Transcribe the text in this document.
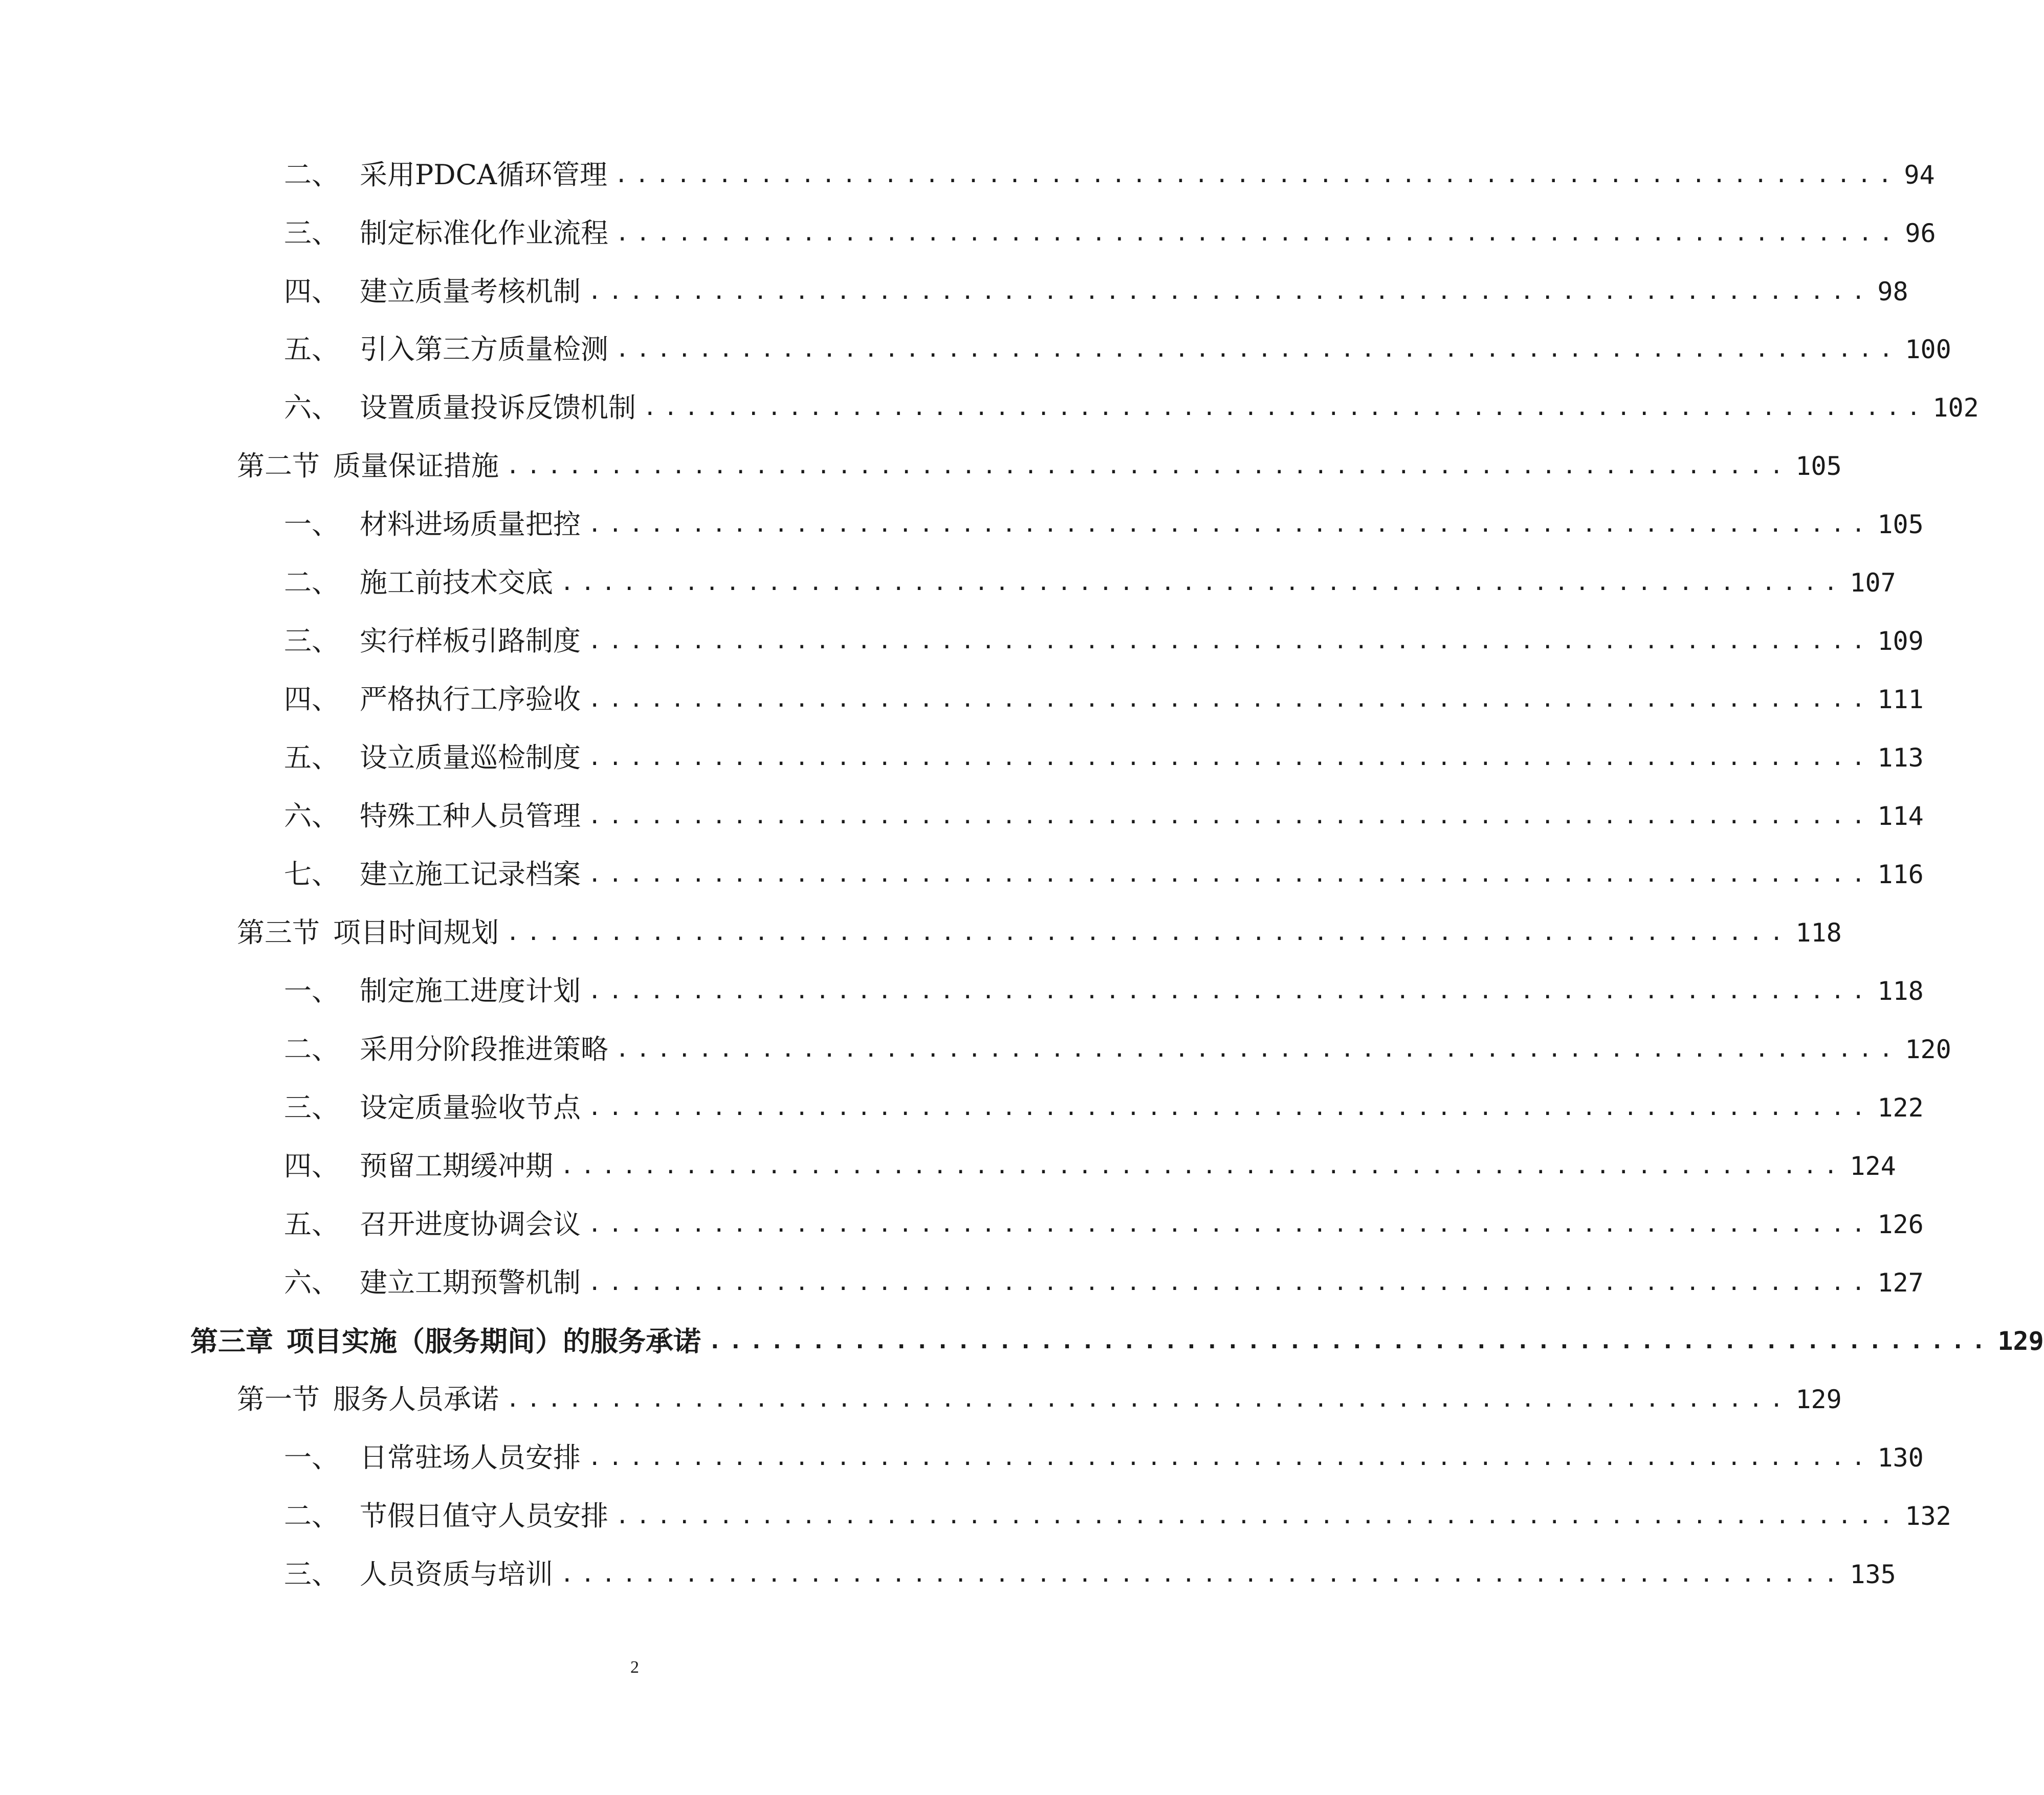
二、 采用PDCA循环管理 .............................................................. 94
三、 制定标准化作业流程 .............................................................. 96
四、 建立质量考核机制 .............................................................. 98
五、 引入第三方质量检测 .............................................................. 100
六、 设置质量投诉反馈机制 .............................................................. 102
第二节 质量保证措施 .............................................................. 105
一、 材料进场质量把控 .............................................................. 105
二、 施工前技术交底 .............................................................. 107
三、 实行样板引路制度 .............................................................. 109
四、 严格执行工序验收 .............................................................. 111
五、 设立质量巡检制度 .............................................................. 113
六、 特殊工种人员管理 .............................................................. 114
七、 建立施工记录档案 .............................................................. 116
第三节 项目时间规划 .............................................................. 118
一、 制定施工进度计划 .............................................................. 118
二、 采用分阶段推进策略 .............................................................. 120
三、 设定质量验收节点 .............................................................. 122
四、 预留工期缓冲期 .............................................................. 124
五、 召开进度协调会议 .............................................................. 126
六、 建立工期预警机制 .............................................................. 127
第三章 项目实施（服务期间）的服务承诺 .............................................................. 129
第一节 服务人员承诺 .............................................................. 129
一、 日常驻场人员安排 .............................................................. 130
二、 节假日值守人员安排 .............................................................. 132
三、 人员资质与培训 .............................................................. 135
2
